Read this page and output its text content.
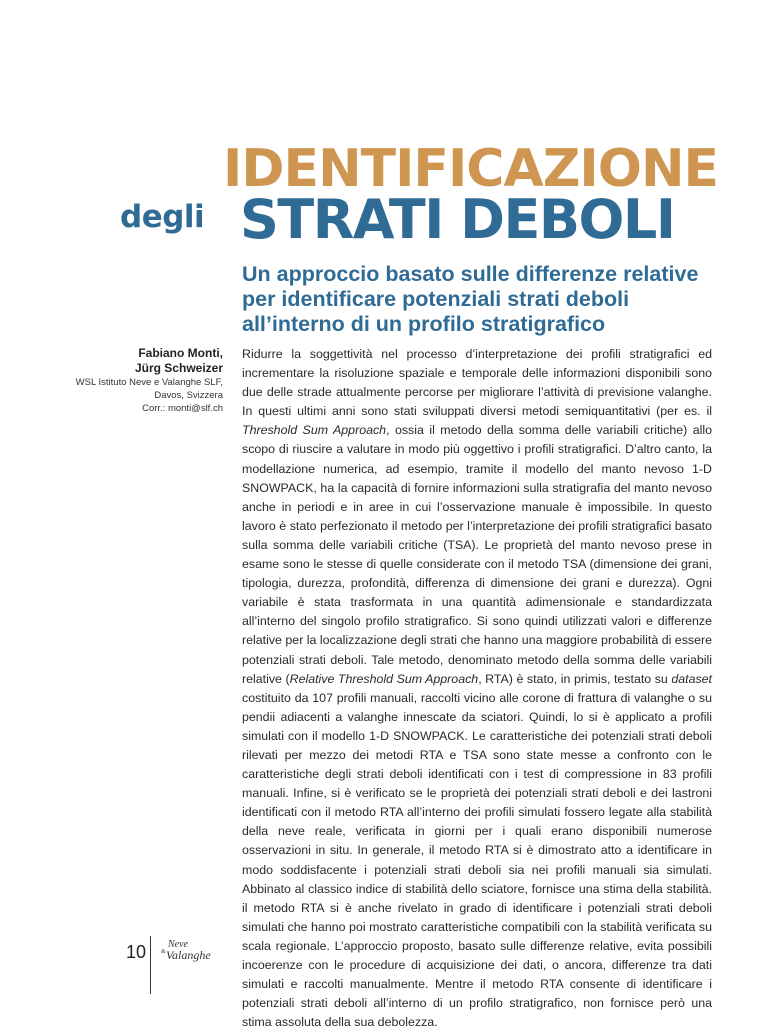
IDENTIFICAZIONE
degli STRATI DEBOLI
Un approccio basato sulle differenze relative per identificare potenziali strati deboli all’interno di un profilo stratigrafico
Fabiano Monti,
Jürg Schweizer
WSL Istituto Neve e Valanghe SLF,
Davos, Svizzera
Corr.: monti@slf.ch

Ridurre la soggettività nel processo d’interpretazione dei profili stratigrafici ed incrementare la risoluzione spaziale e temporale delle informazioni disponibili sono due delle strade attualmente percorse per migliorare l’attività di previsione valanghe. In questi ultimi anni sono stati sviluppati diversi metodi semiquantitativi (per es. il Threshold Sum Approach, ossia il metodo della somma delle variabili critiche) allo scopo di riuscire a valutare in modo più oggettivo i profili stratigrafici. D’altro canto, la modellazione numerica, ad esempio, tramite il modello del manto nevoso 1-D SNOWPACK, ha la capacità di fornire informazioni sulla stratigrafia del manto nevoso anche in periodi e in aree in cui l’osservazione manuale è impossibile. In questo lavoro è stato perfezionato il metodo per l’interpretazione dei profili stratigrafici basato sulla somma delle variabili critiche (TSA). Le proprietà del manto nevoso prese in esame sono le stesse di quelle considerate con il metodo TSA (dimensione dei grani, tipologia, durezza, profondità, differenza di dimensione dei grani e durezza). Ogni variabile è stata trasformata in una quantità adimensionale e standardizzata all’interno del singolo profilo stratigrafico. Si sono quindi utilizzati valori e differenze relative per la localizzazione degli strati che hanno una maggiore probabilità di essere potenziali strati deboli. Tale metodo, denominato metodo della somma delle variabili relative (Relative Threshold Sum Approach, RTA) è stato, in primis, testato su dataset costituito da 107 profili manuali, raccolti vicino alle corone di frattura di valanghe o su pendii adiacenti a valanghe innescate da sciatori. Quindi, lo si è applicato a profili simulati con il modello 1-D SNOWPACK. Le caratteristiche dei potenziali strati deboli rilevati per mezzo dei metodi RTA e TSA sono state messe a confronto con le caratteristiche degli strati deboli identificati con i test di compressione in 83 profili manuali. Infine, si è verificato se le proprietà dei potenziali strati deboli e dei lastroni identificati con il metodo RTA all’interno dei profili simulati fossero legate alla stabilità della neve reale, verificata in giorni per i quali erano disponibili numerose osservazioni in situ. In generale, il metodo RTA si è dimostrato atto a identificare in modo soddisfacente i potenziali strati deboli sia nei profili manuali sia simulati. Abbinato al classico indice di stabilità dello sciatore, fornisce una stima della stabilità. il metodo RTA si è anche rivelato in grado di identificare i potenziali strati deboli simulati che hanno poi mostrato caratteristiche compatibili con la stabilità verificata su scala regionale. L’approccio proposto, basato sulle differenze relative, evita possibili incoerenze con le procedure di acquisizione dei dati, o ancora, differenze tra dati simulati e raccolti manualmente. Mentre il metodo RTA consente di identificare i potenziali strati deboli all’interno di un profilo stratigrafico, non fornisce però una stima assoluta della sua debolezza.

10 Neve
& Valanghe
